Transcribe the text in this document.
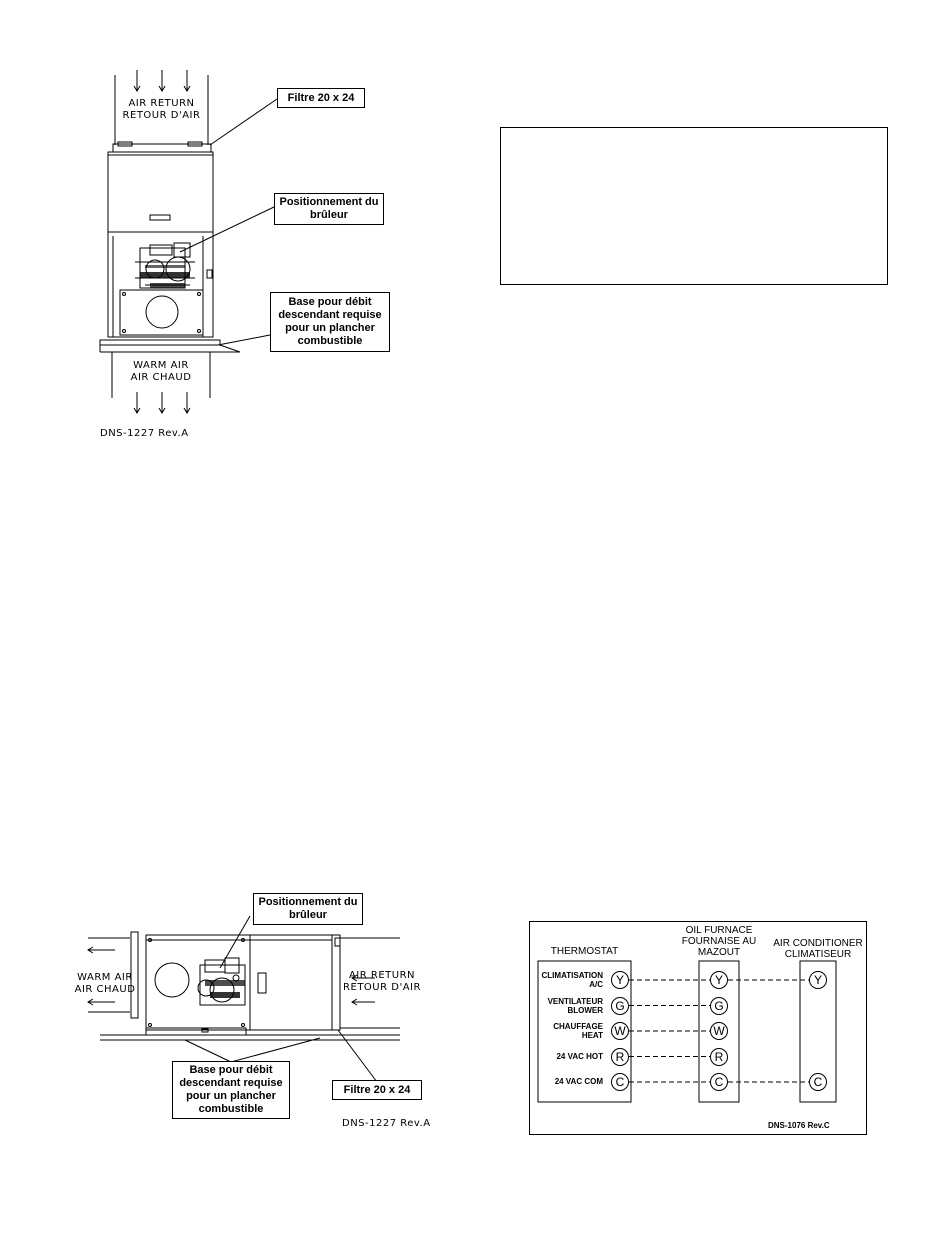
AIR RETURN
RETOUR D'AIR
WARM AIR
AIR CHAUD
Filtre 20 x 24
Positionnement du brûleur
Base pour débit descendant requise pour un plancher combustible
DNS-1227 Rev.A
WARM AIR
AIR CHAUD
AIR RETURN
RETOUR D'AIR
Positionnement du brûleur
Base pour débit descendant requise pour un plancher combustible
Filtre 20 x 24
DNS-1227 Rev.A
THERMOSTAT
OIL FURNACE
FOURNAISE AU
MAZOUT
AIR CONDITIONER
CLIMATISEUR
CLIMATISATION
A/C	Y	Y	Y
VENTILATEUR
BLOWER	G	G
CHAUFFAGE
HEAT W	W
24 VAC HOT	R	R
24 VAC COM	C	C	C
DNS-1076 Rev.C
